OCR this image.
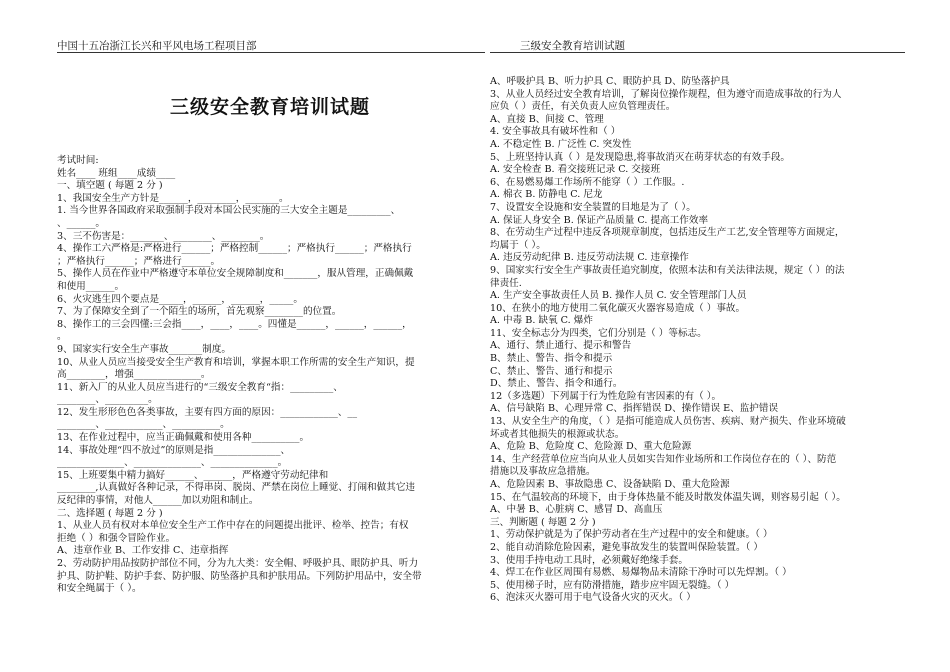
中国十五冶浙江长兴和平风电场工程项目部	三级安全教育培训试题
三级安全教育培训试题
考试时间:
姓名____ 班组____成绩____
一、填空题 ( 每题 2 分 )
1、我国安全生产方针是______，________，_______。
1. 当今世界各国政府采取强制手段对本国公民实施的三大安全主题是_________、
、______。
3、三不伤害是：_______、________、________。
4、操作工六严格是:严格进行______；严格控制______；严格执行______；严格执行
；严格执行______；严格进行______。
5、操作人员在作业中严格遵守本单位安全规障制度和_______，服从管理，正确佩戴
和使用______。
6、火灾逃生四个要点是_____，______，______，_____。
7、为了保障安全到了一个陌生的场所，首先观察________的位置。
8、操作工的三会四懂:三会指____，____，____。四懂是______，______，______，
。
9、国家实行安全生产事故_______制度。
10、从业人员应当接受安全生产教育和培训，掌握本职工作所需的安全生产知识，提
高________，增强______________。
11、新入厂的从业人员应当进行的“三级安全教育“指：_________、
________、_________。
12、发生形形色色各类事故，主要有四方面的原因：____________、__
________、____________、__________。
13、在作业过程中，应当正确佩戴和使用各种__________。
14、事故处理“四不放过”的原则是指______________、
______________、______________、______________。
15、上班要集中精力搞好______、______，严格遵守劳动纪律和
________,认真做好各种记录，不得串岗、脱岗、严禁在岗位上睡觉、打闹和做其它违
反纪律的事情，对他人______加以劝阻和制止。
二、选择题 ( 每题 2 分 )
1、从业人员有权对本单位安全生产工作中存在的问题提出批评、检举、控告；有权
拒绝（ ）和强令冒险作业。
A、违章作业 B、工作安排 C、违章指挥
2、劳动防护用品按防护部位不同，分为九大类：安全帽、呼吸护具、眼防护具、听力
护具、防护鞋、防护手套、防护服、防坠落护具和护肤用品。下列防护用品中，安全带
和安全绳属于（ ）。
A、呼吸护具 B、听力护具 C、眼防护具 D、防坠落护具
3、从业人员经过安全教育培训，了解岗位操作规程，但为遵守而造成事故的行为人
应负（ ）责任，有关负责人应负管理责任。
A、直接 B、间接 C、管理
4. 安全事故具有破坏性和（ ）
A. 不稳定性 B. 广泛性 C. 突发性
5、上班坚持认真（ ）是发现隐患,将事故消灭在萌芽状态的有效手段。
A. 安全检查 B. 看交接班记录 C. 交接班
6、在易燃易爆工作场所不能穿（ ）工作服。.
A. 棉衣 B. 防静电 C. 尼龙
7、设置安全设施和安全装置的目地是为了（ ）。
A. 保证人身安全 B. 保证产品质量 C. 提高工作效率
8、在劳动生产过程中违反各项规章制度，包括违反生产工艺,安全管理等方面规定，
均属于（ ）。
A. 违反劳动纪律 B. 违反劳动法规 C. 违章操作
9、国家实行安全生产事故责任追究制度，依照本法和有关法律法规，规定（ ）的法
律责任.
A. 生产安全事故责任人员 B. 操作人员 C. 安全管理部门人员
10、在狭小的地方使用二氧化碳灭火器容易造成（ ）事故。
A. 中毒 B. 缺氧 C. 爆炸
11、安全标志分为四类，它们分别是（ ）等标志。
A、通行、禁止通行、提示和警告
B、禁止、警告、指令和提示
C、禁止、警告、通行和提示
D、禁止、警告、指令和通行。
12（多选题）下列属于行为性危险有害因素的有（ ）。
A、信号缺陷 B、心理异常 C、指挥错误 D、操作错误 E、监护错误
13、从安全生产的角度，（ ）是指可能造成人员伤害、疾病、财产损失、作业环境破
坏或者其他损失的根源或状态。
A、危险 B、危险度 C、危险源 D、重大危险源
14、生产经营单位应当向从业人员如实告知作业场所和工作岗位存在的（ ）、防范
措施以及事故应急措施。
A、危险因素 B、事故隐患 C、设备缺陷 D、重大危险源
15、在气温较高的环境下，由于身体热量不能及时散发体温失调，则容易引起（ ）。
A、中暑 B、心脏病 C、感冒 D、高血压
三、判断题 ( 每题 2 分 )
1、劳动保护就是为了保护劳动者在生产过程中的安全和健康。（ ）
2、能自动消除危险因素，避免事故发生的装置叫保险装置。（ ）
3、使用手持电动工具时，必须戴好绝缘手套。
4、焊工在作业区周围有易燃、易爆物品未清除干净时可以先焊割。（ ）
5、使用梯子时，应有防滑措施，踏步应牢固无裂缝。（ ）
6、泡沫灭火器可用于电气设备火灾的灭火。（ ）
